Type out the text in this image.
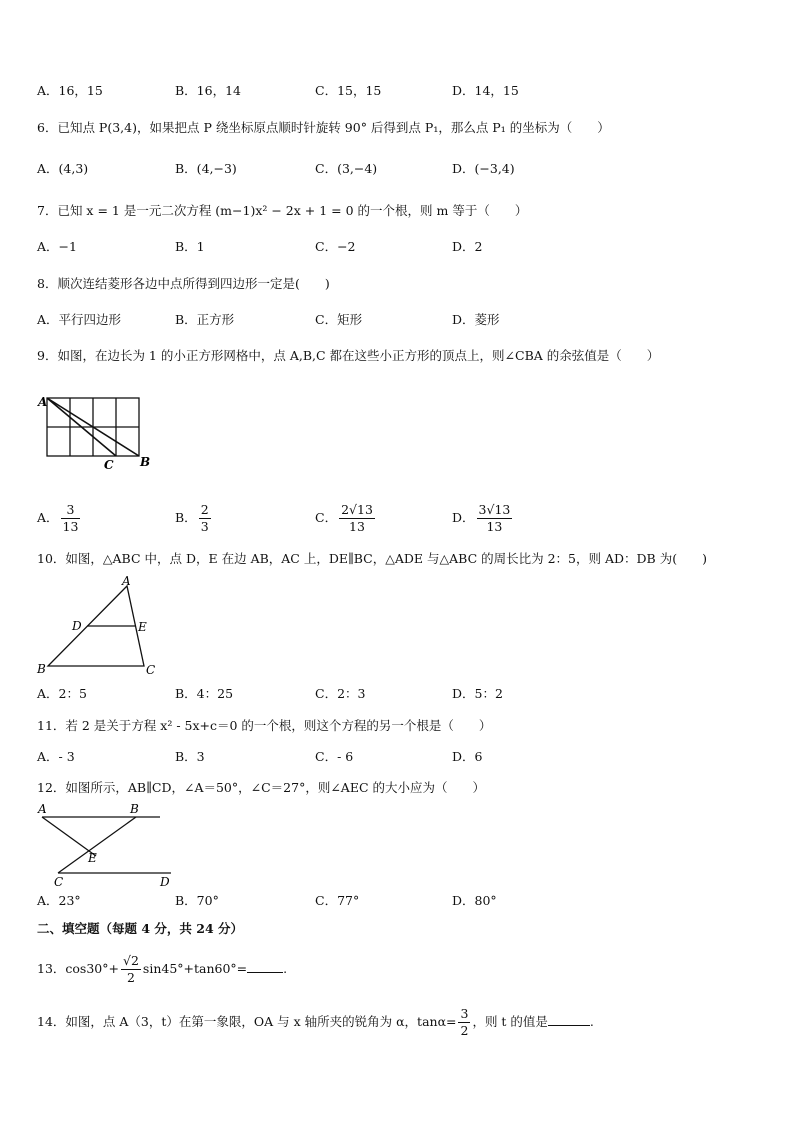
A．16，15	B．16，14	C．15，15	D．14，15
6．已知点 P(3,4)，如果把点 P 绕坐标原点顺时针旋转 90° 后得到点 P₁，那么点 P₁ 的坐标为（　　）
A．(4,3)	B．(4,−3)	C．(3,−4)	D．(−3,4)
7．已知 x = 1 是一元二次方程 (m−1)x² − 2x + 1 = 0 的一个根，则 m 等于（　　）
A．−1	B．1	C．−2	D．2
8．顺次连结菱形各边中点所得到四边形一定是(　　)
A．平行四边形	B．正方形	C．矩形	D．菱形
9．如图，在边长为 1 的小正方形网格中，点 A,B,C 都在这些小正方形的顶点上，则∠CBA 的余弦值是（　　）
A
C B
A． $\frac{3}{13}$	B． $\frac{2}{3}$	C． $\frac{2√13}{13}$	D． $\frac{3√13}{13}$
10．如图，△ABC 中，点 D，E 在边 AB，AC 上，DE∥BC，△ADE 与△ABC 的周长比为 2：5，则 AD：DB 为(　　)
A
D	E
B	C
A．2：5	B．4：25	C．2：3	D．5：2
11．若 2 是关于方程 x² - 5x+c＝0 的一个根，则这个方程的另一个根是（　　）
A．- 3	B．3	C．- 6	D．6
12．如图所示，AB∥CD，∠A＝50°，∠C＝27°，则∠AEC 的大小应为（　　）
A	B
E
C	D
A．23°	B．70°	C．77°	D．80°
二、填空题（每题 4 分，共 24 分）
13．$\cos 30^\circ+ \frac{√2}{2} \sin 45^\circ+\tan 60^\circ=$	.
14．如图，点 A（3，t）在第一象限，OA 与 x 轴所夹的锐角为 α，$\tan\alpha= \frac{3}{2}$ ，则 t 的值是	.
